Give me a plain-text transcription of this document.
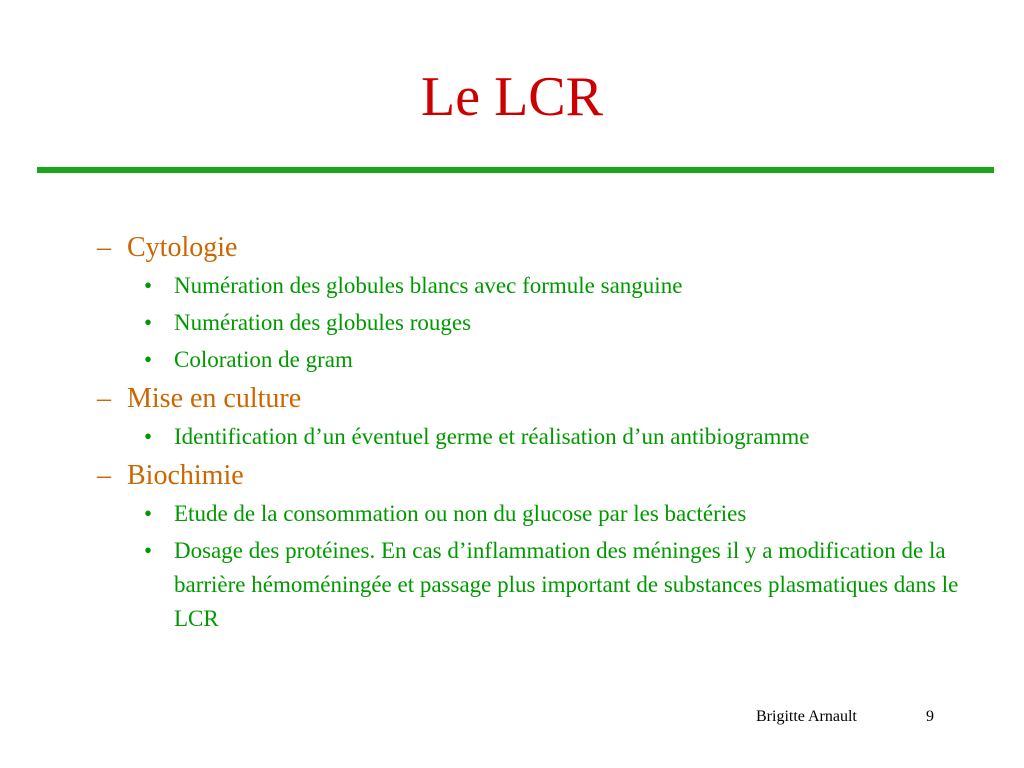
Le LCR
– Cytologie
• Numération des globules blancs avec formule sanguine
• Numération des globules rouges
• Coloration de gram
– Mise en culture
• Identification d’un éventuel germe et réalisation d’un antibiogramme
– Biochimie
• Etude de la consommation ou non du glucose par les bactéries
• Dosage des protéines. En cas d’inflammation des méninges il y a modification de la barrière hémoméningée et passage plus important de substances plasmatiques dans le LCR
Brigitte Arnault	9
